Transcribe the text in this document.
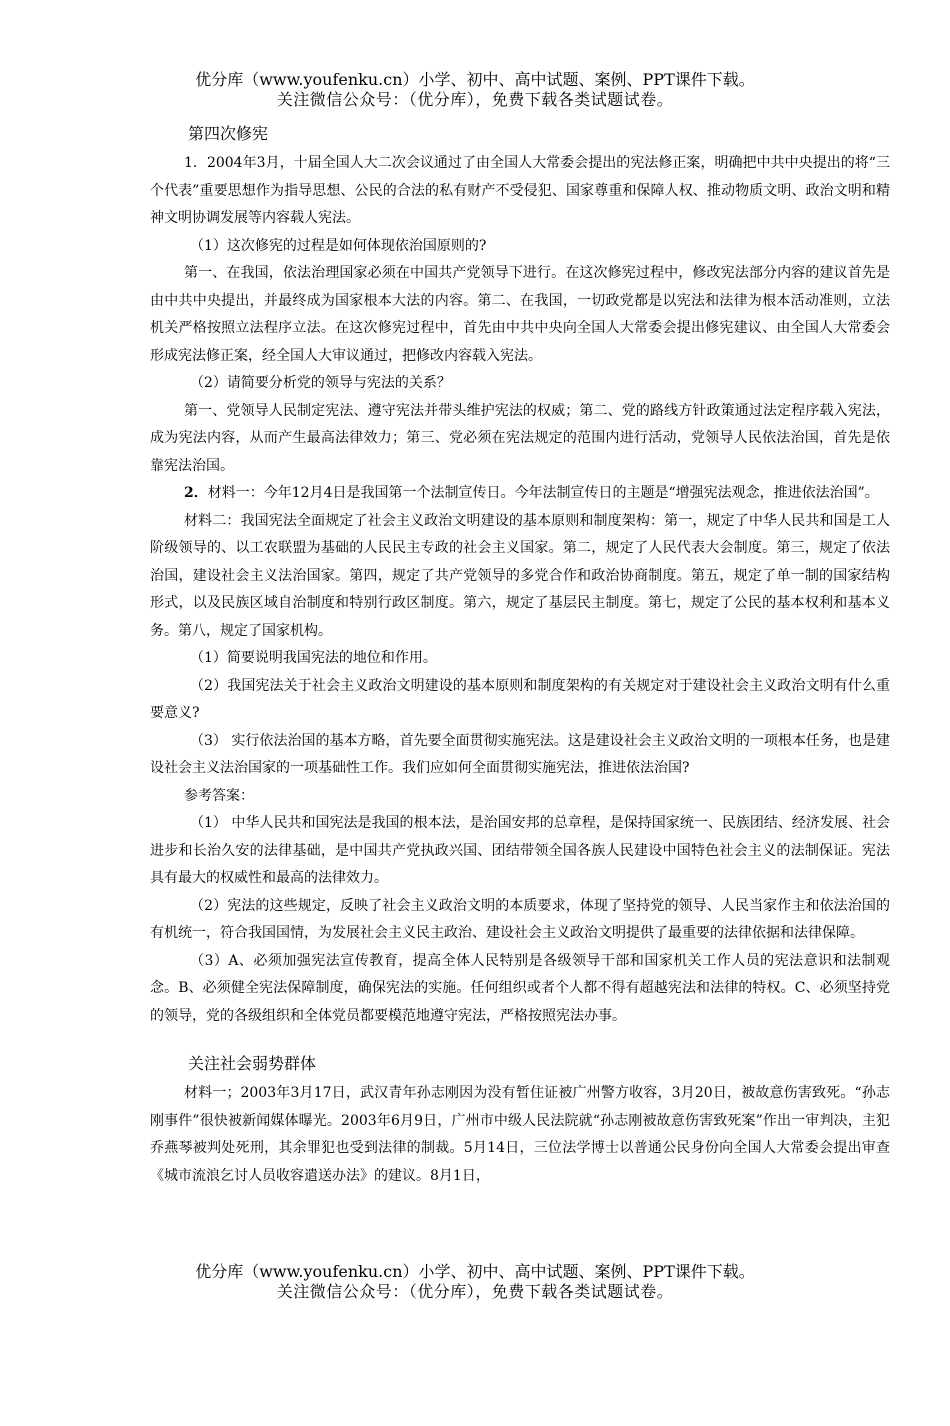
优分库（www.youfenku.cn）小学、初中、高中试题、案例、PPT课件下载。
关注微信公众号：（优分库），免费下载各类试题试卷。
第四次修宪

1．2004年3月，十届全国人大二次会议通过了由全国人大常委会提出的宪法修正案，明确把中共中央提出的将“三个代表”重要思想作为指导思想、公民的合法的私有财产不受侵犯、国家尊重和保障人权、推动物质文明、政治文明和精神文明协调发展等内容载人宪法。

（1）这次修宪的过程是如何体现依治国原则的?

第一、在我国，依法治理国家必须在中国共产党领导下进行。在这次修宪过程中，修改宪法部分内容的建议首先是由中共中央提出，并最终成为国家根本大法的内容。第二、在我国，一切政党都是以宪法和法律为根本活动准则，立法机关严格按照立法程序立法。在这次修宪过程中，首先由中共中央向全国人大常委会提出修宪建议、由全国人大常委会形成宪法修正案，经全国人大审议通过，把修改内容载入宪法。

（2）请简要分析党的领导与宪法的关系？

第一、党领导人民制定宪法、遵守宪法并带头维护宪法的权威；第二、党的路线方针政策通过法定程序载入宪法，成为宪法内容，从而产生最高法律效力；第三、党必须在宪法规定的范围内进行活动，党领导人民依法治国，首先是依靠宪法治国。

2．材料一：今年12月4日是我国第一个法制宣传日。今年法制宣传日的主题是“增强宪法观念，推进依法治国”。

材料二：我国宪法全面规定了社会主义政治文明建设的基本原则和制度架构：第一，规定了中华人民共和国是工人阶级领导的、以工农联盟为基础的人民民主专政的社会主义国家。第二，规定了人民代表大会制度。第三，规定了依法治国，建设社会主义法治国家。第四，规定了共产党领导的多党合作和政治协商制度。第五，规定了单一制的国家结构形式，以及民族区域自治制度和特别行政区制度。第六，规定了基层民主制度。第七，规定了公民的基本权利和基本义务。第八，规定了国家机构。

（1）简要说明我国宪法的地位和作用。

（2）我国宪法关于社会主义政治文明建设的基本原则和制度架构的有关规定对于建设社会主义政治文明有什么重要意义?

（3） 实行依法治国的基本方略，首先要全面贯彻实施宪法。这是建设社会主义政治文明的一项根本任务，也是建设社会主义法治国家的一项基础性工作。我们应如何全面贯彻实施宪法，推进依法治国?

参考答案：

（1） 中华人民共和国宪法是我国的根本法，是治国安邦的总章程，是保持国家统一、民族团结、经济发展、社会进步和长治久安的法律基础，是中国共产党执政兴国、团结带领全国各族人民建设中国特色社会主义的法制保证。宪法具有最大的权威性和最高的法律效力。

（2）宪法的这些规定，反映了社会主义政治文明的本质要求，体现了坚持党的领导、人民当家作主和依法治国的有机统一，符合我国国情，为发展社会主义民主政治、建设社会主义政治文明提供了最重要的法律依据和法律保障。

（3）A、必须加强宪法宣传教育，提高全体人民特别是各级领导干部和国家机关工作人员的宪法意识和法制观念。B、必须健全宪法保障制度，确保宪法的实施。任何组织或者个人都不得有超越宪法和法律的特权。C、必须坚持党的领导，党的各级组织和全体党员都要模范地遵守宪法，严格按照宪法办事。

关注社会弱势群体

材料一；2003年3月17日，武汉青年孙志刚因为没有暂住证被广州警方收容，3月20日，被故意伤害致死。“孙志刚事件”很快被新闻媒体曝光。2003年6月9日，广州市中级人民法院就“孙志刚被故意伤害致死案”作出一审判决，主犯乔燕琴被判处死刑，其余罪犯也受到法律的制裁。5月14日，三位法学博士以普通公民身份向全国人大常委会提出审查《城市流浪乞讨人员收容遣送办法》的建议。8月1日，

优分库（www.youfenku.cn）小学、初中、高中试题、案例、PPT课件下载。
关注微信公众号：（优分库），免费下载各类试题试卷。
